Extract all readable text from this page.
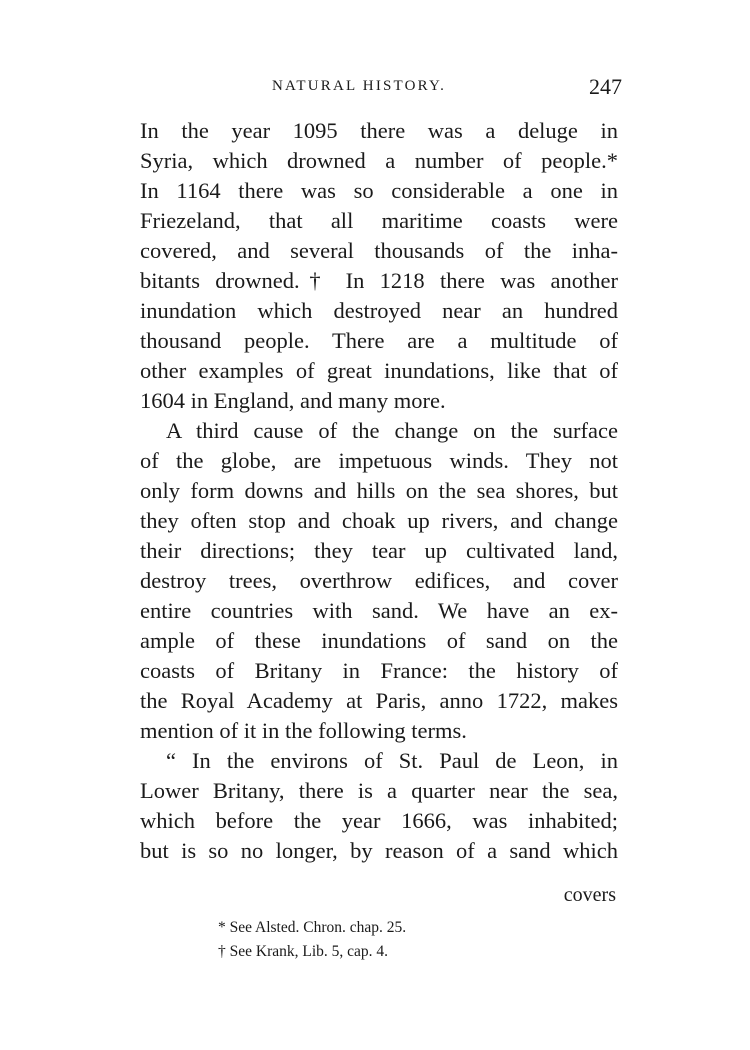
NATURAL HISTORY.	247
In the year 1095 there was a deluge in
Syria, which drowned a number of people.*
In 1164 there was so considerable a one in
Friezeland, that all maritime coasts were
covered, and several thousands of the inha-
bitants drowned.† In 1218 there was another
inundation which destroyed near an hundred
thousand people. There are a multitude of
other examples of great inundations, like that of
1604 in England, and many more.
A third cause of the change on the surface
of the globe, are impetuous winds. They not
only form downs and hills on the sea shores, but
they often stop and choak up rivers, and change
their directions; they tear up cultivated land,
destroy trees, overthrow edifices, and cover
entire countries with sand. We have an ex-
ample of these inundations of sand on the
coasts of Britany in France: the history of
the Royal Academy at Paris, anno 1722, makes
mention of it in the following terms.
“ In the environs of St. Paul de Leon, in
Lower Britany, there is a quarter near the sea,
which before the year 1666, was inhabited;
but is so no longer, by reason of a sand which
covers
* See Alsted. Chron. chap. 25.
† See Krank, Lib. 5, cap. 4.
